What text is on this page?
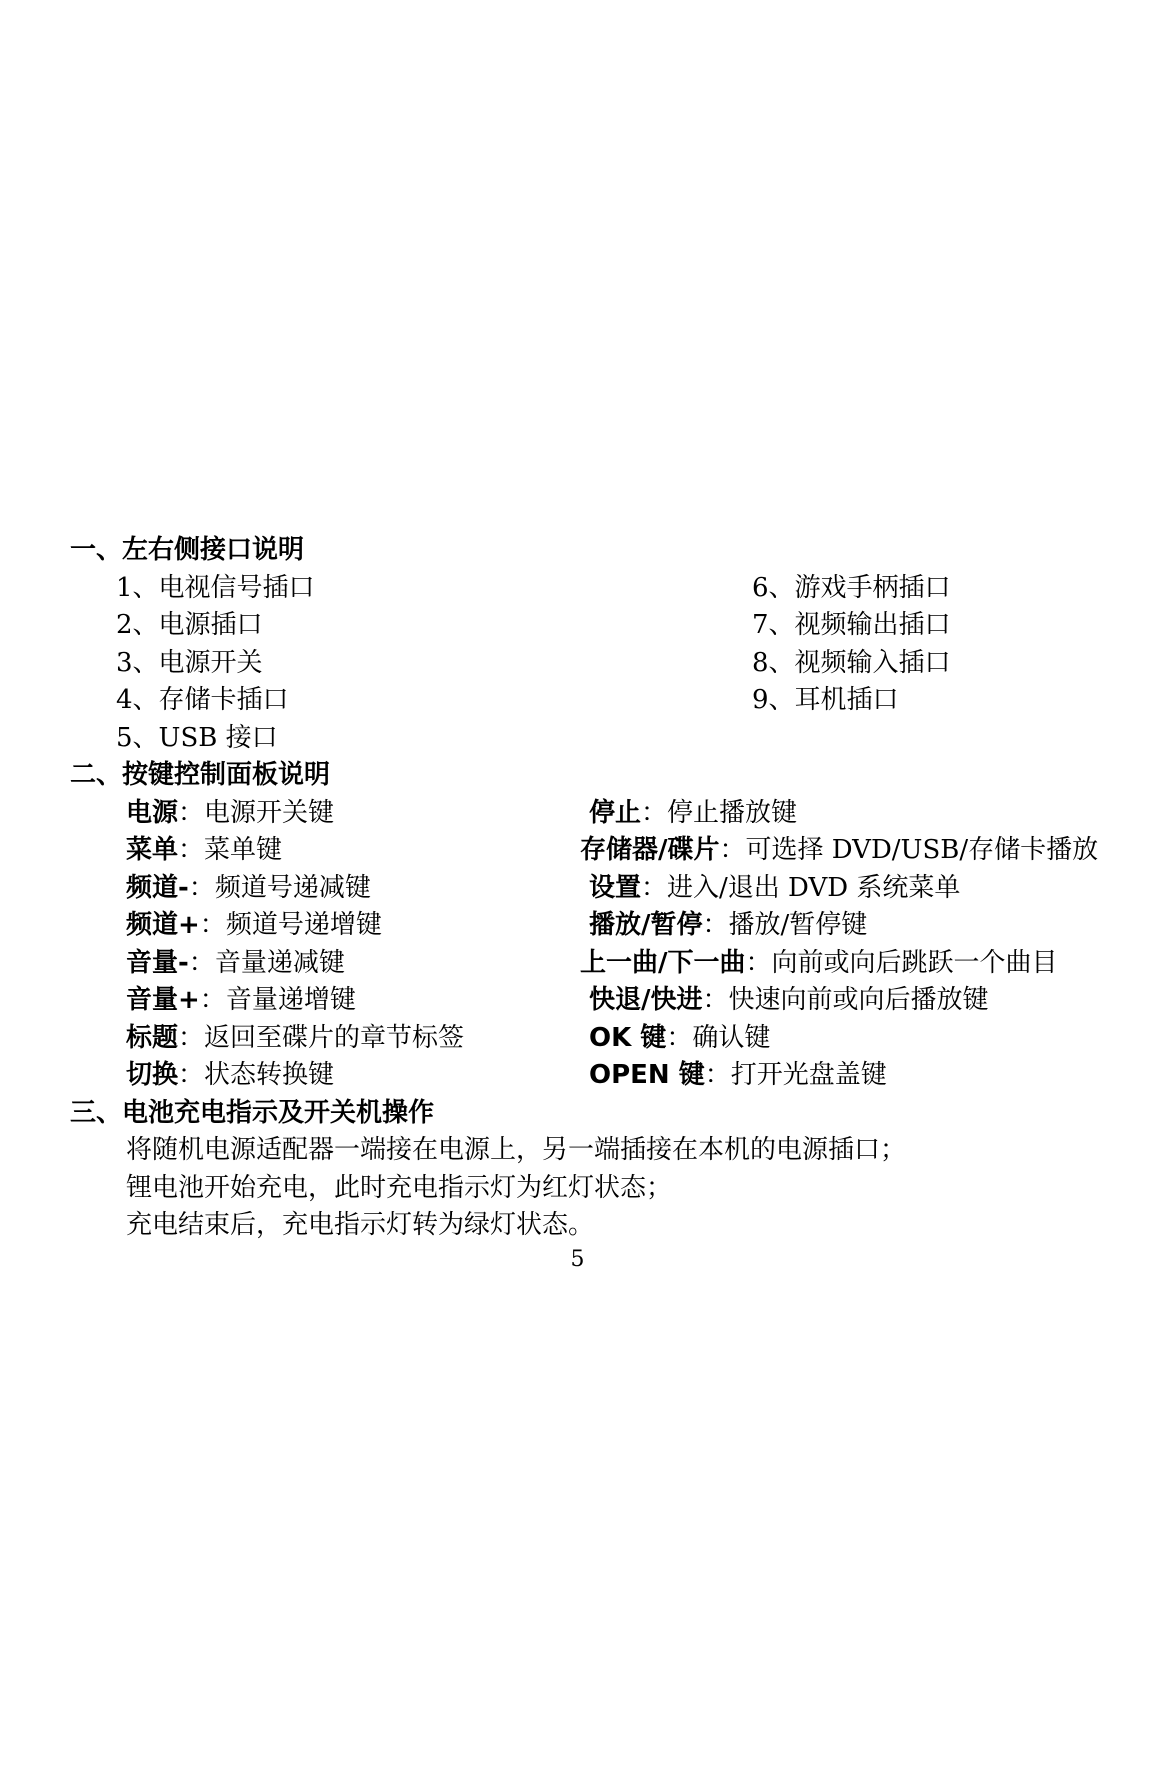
一、左右侧接口说明
1、电视信号插口	6、游戏手柄插口
2、电源插口	7、视频输出插口
3、电源开关	8、视频输入插口
4、存储卡插口	9、耳机插口
5、USB 接口
二、按键控制面板说明
电源：电源开关键	停止：停止播放键
菜单：菜单键	存储器/碟片：可选择 DVD/USB/存储卡播放
频道-：频道号递减键	设置：进入/退出 DVD 系统菜单
频道+：频道号递增键	播放/暂停：播放/暂停键
音量-：音量递减键	上一曲/下一曲：向前或向后跳跃一个曲目
音量+：音量递增键	快退/快进：快速向前或向后播放键
标题：返回至碟片的章节标签	OK 键：确认键
切换：状态转换键	OPEN 键：打开光盘盖键
三、电池充电指示及开关机操作
将随机电源适配器一端接在电源上，另一端插接在本机的电源插口；
锂电池开始充电，此时充电指示灯为红灯状态；
充电结束后，充电指示灯转为绿灯状态。
5
